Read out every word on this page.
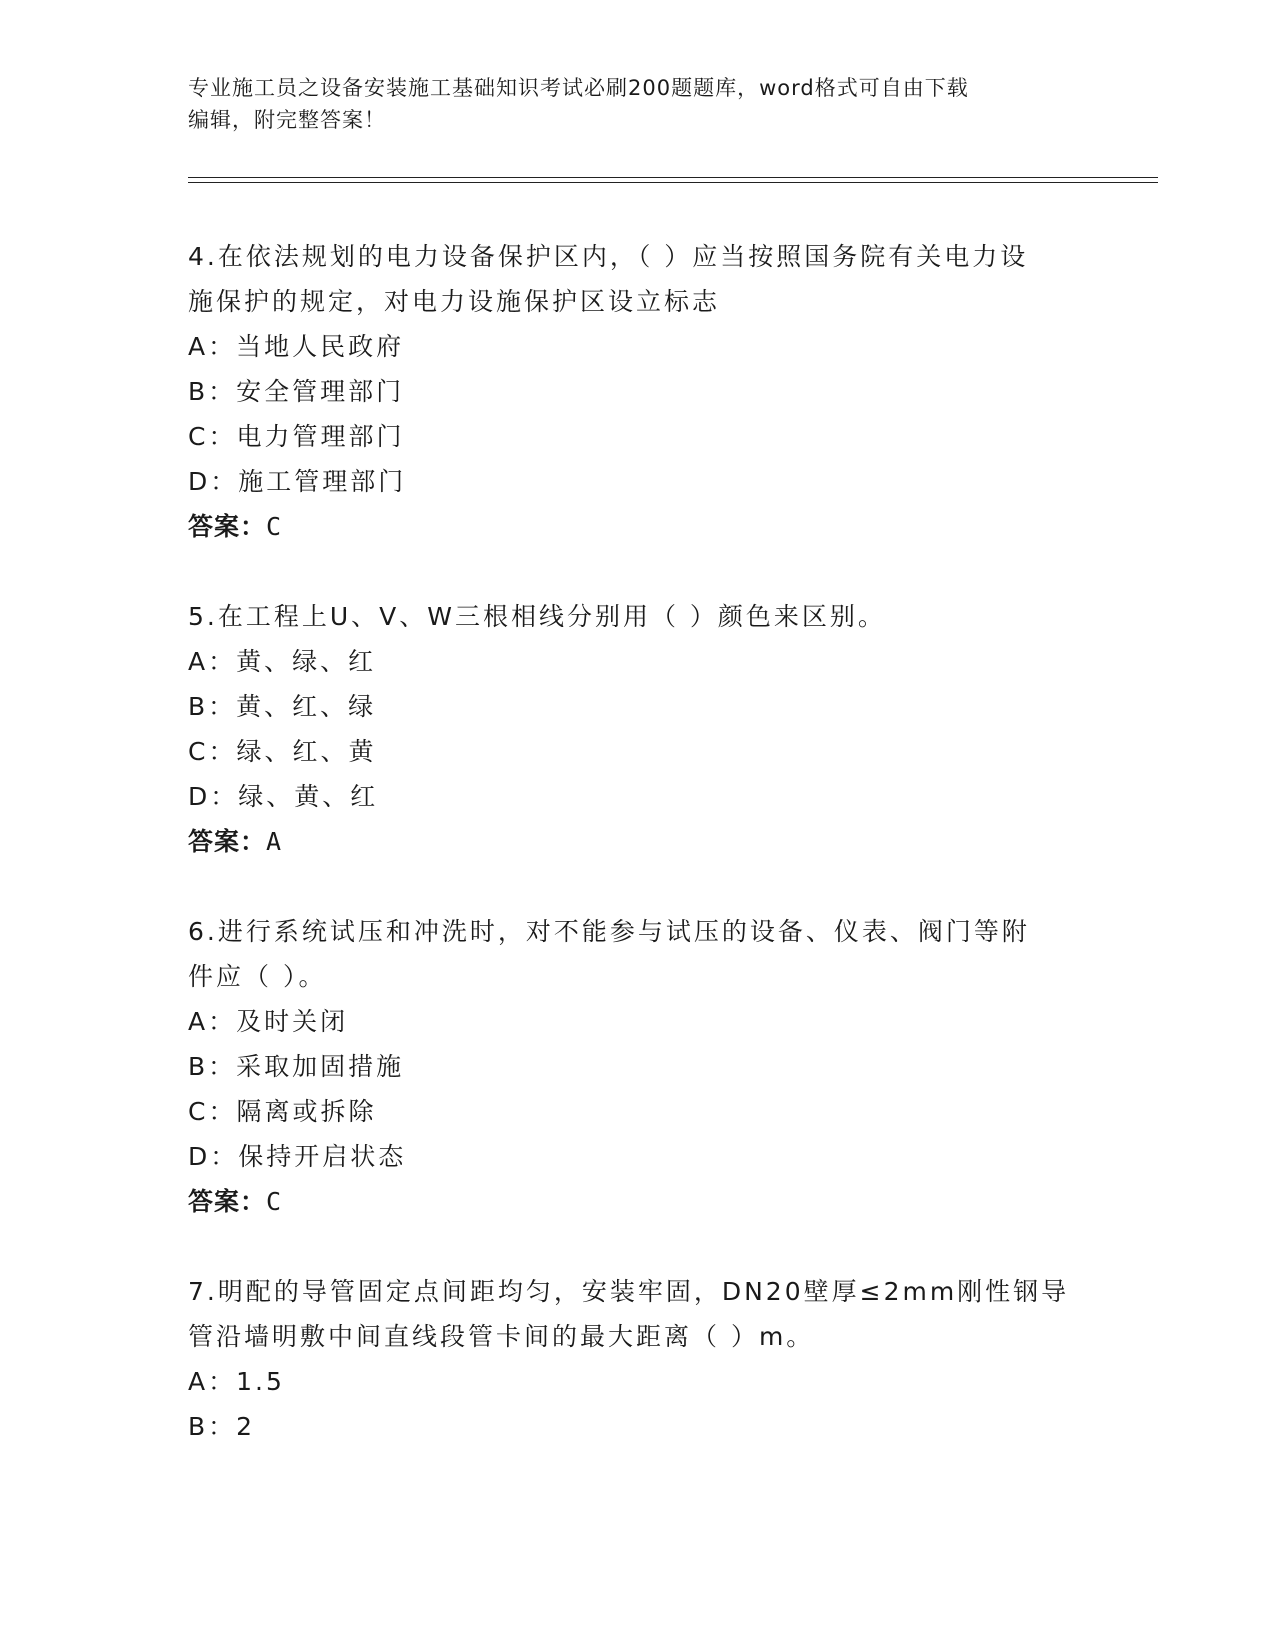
专业施工员之设备安装施工基础知识考试必刷200题题库，word格式可自由下载
编辑，附完整答案！

4.在依法规划的电力设备保护区内，（ ）应当按照国务院有关电力设

施保护的规定，对电力设施保护区设立标志

A：当地人民政府

B：安全管理部门

C：电力管理部门

D：施工管理部门

答案：C

5.在工程上U、V、W三根相线分别用（ ）颜色来区别。

A：黄、绿、红

B：黄、红、绿

C：绿、红、黄

D：绿、黄、红

答案：A

6.进行系统试压和冲洗时，对不能参与试压的设备、仪表、阀门等附

件应（ ）。

A：及时关闭

B：采取加固措施

C：隔离或拆除

D：保持开启状态

答案：C

7.明配的导管固定点间距均匀，安装牢固，DN20壁厚≤2mm刚性钢导

管沿墙明敷中间直线段管卡间的最大距离（ ）m。

A：1.5

B：2
